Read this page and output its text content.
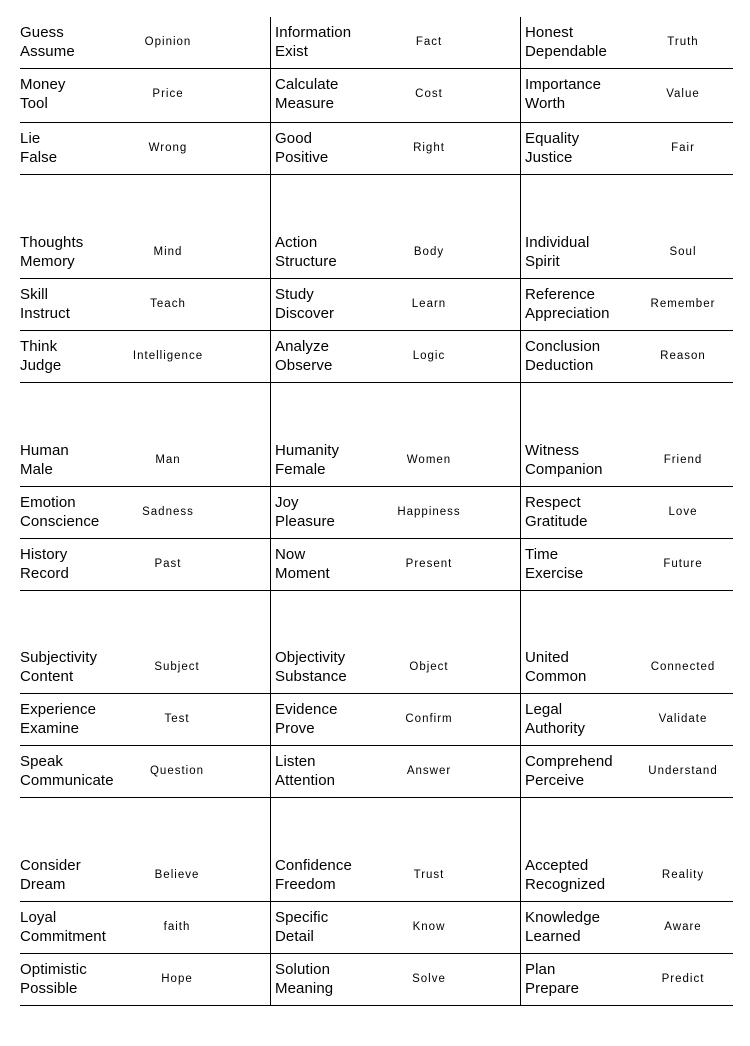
Guess
Assume
Opinion
Information
Exist
Fact
Honest
Dependable
Truth
Money
Tool
Price
Calculate
Measure
Cost
Importance
Worth
Value
Lie
False
Wrong
Good
Positive
Right
Equality
Justice
Fair
Thoughts
Memory
Mind
Action
Structure
Body
Individual
Spirit
Soul
Skill
Instruct
Teach
Study
Discover
Learn
Reference
Appreciation
Remember
Think
Judge
Intelligence
Analyze
Observe
Logic
Conclusion
Deduction
Reason
Human
Male
Man
Humanity
Female
Women
Witness
Companion
Friend
Emotion
Conscience
Sadness
Joy
Pleasure
Happiness
Respect
Gratitude
Love
History
Record
Past
Now
Moment
Present
Time
Exercise
Future
Subjectivity
Content
Subject
Objectivity
Substance
Object
United
Common
Connected
Experience
Examine
Test
Evidence
Prove
Confirm
Legal
Authority
Validate
Speak
Communicate
Question
Listen
Attention
Answer
Comprehend
Perceive
Understand
Consider
Dream
Believe
Confidence
Freedom
Trust
Accepted
Recognized
Reality
Loyal
Commitment
faith
Specific
Detail
Know
Knowledge
Learned
Aware
Optimistic
Possible
Hope
Solution
Meaning
Solve
Plan
Prepare
Predict
